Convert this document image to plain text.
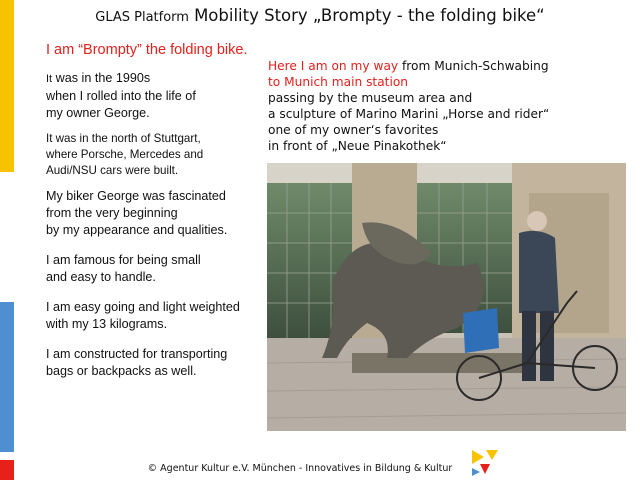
GLAS Platform Mobility Story „Brompty - the folding bike“
I am “Brompty” the folding bike.
It was in the 1990s
when I rolled into the life of
my owner George.
It was in the north of Stuttgart,
where Porsche, Mercedes and
Audi/NSU cars were built.
My biker George was fascinated
from the very beginning
by my appearance and qualities.
I am famous for being small
and easy to handle.
I am easy going and light weighted
with my 13 kilograms.
I am constructed for transporting
bags or backpacks as well.
Here I am on my way from Munich-Schwabing
to Munich main station
passing by the museum area and
a sculpture of Marino Marini „Horse and rider“
one of my owner‘s favorites
in front of „Neue Pinakothek“
© Agentur Kultur e.V. München - Innovatives in Bildung & Kultur
